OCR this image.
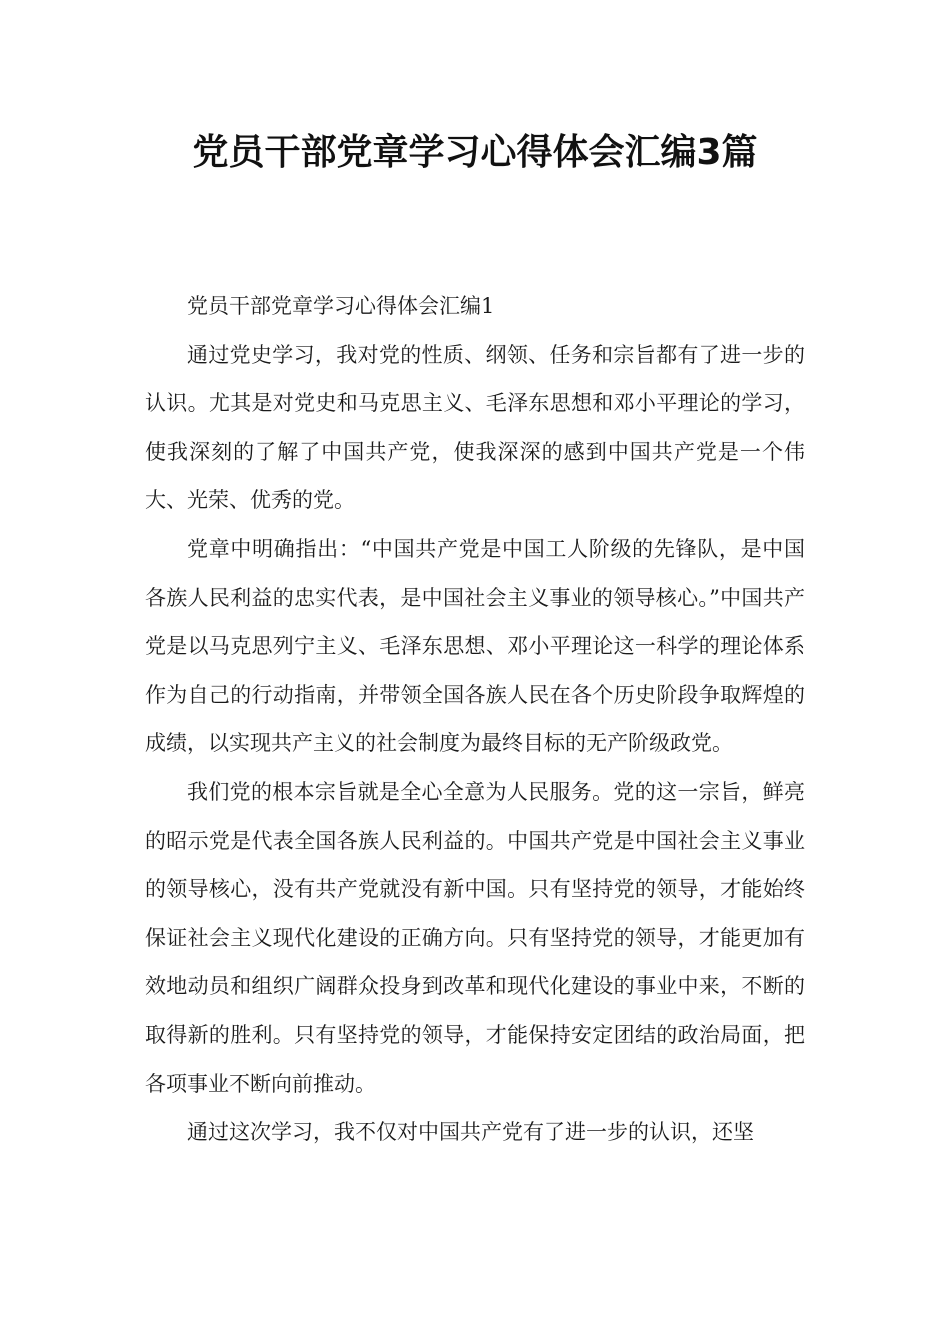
党员干部党章学习心得体会汇编3篇

党员干部党章学习心得体会汇编1

通过党史学习，我对党的性质、纲领、任务和宗旨都有了进一步的认识。尤其是对党史和马克思主义、毛泽东思想和邓小平理论的学习，使我深刻的了解了中国共产党，使我深深的感到中国共产党是一个伟大、光荣、优秀的党。

党章中明确指出：“中国共产党是中国工人阶级的先锋队，是中国各族人民利益的忠实代表，是中国社会主义事业的领导核心。”中国共产党是以马克思列宁主义、毛泽东思想、邓小平理论这一科学的理论体系作为自己的行动指南，并带领全国各族人民在各个历史阶段争取辉煌的成绩，以实现共产主义的社会制度为最终目标的无产阶级政党。

我们党的根本宗旨就是全心全意为人民服务。党的这一宗旨，鲜亮的昭示党是代表全国各族人民利益的。中国共产党是中国社会主义事业的领导核心，没有共产党就没有新中国。只有坚持党的领导，才能始终保证社会主义现代化建设的正确方向。只有坚持党的领导，才能更加有效地动员和组织广阔群众投身到改革和现代化建设的事业中来，不断的取得新的胜利。只有坚持党的领导，才能保持安定团结的政治局面，把各项事业不断向前推动。

通过这次学习，我不仅对中国共产党有了进一步的认识，还坚
